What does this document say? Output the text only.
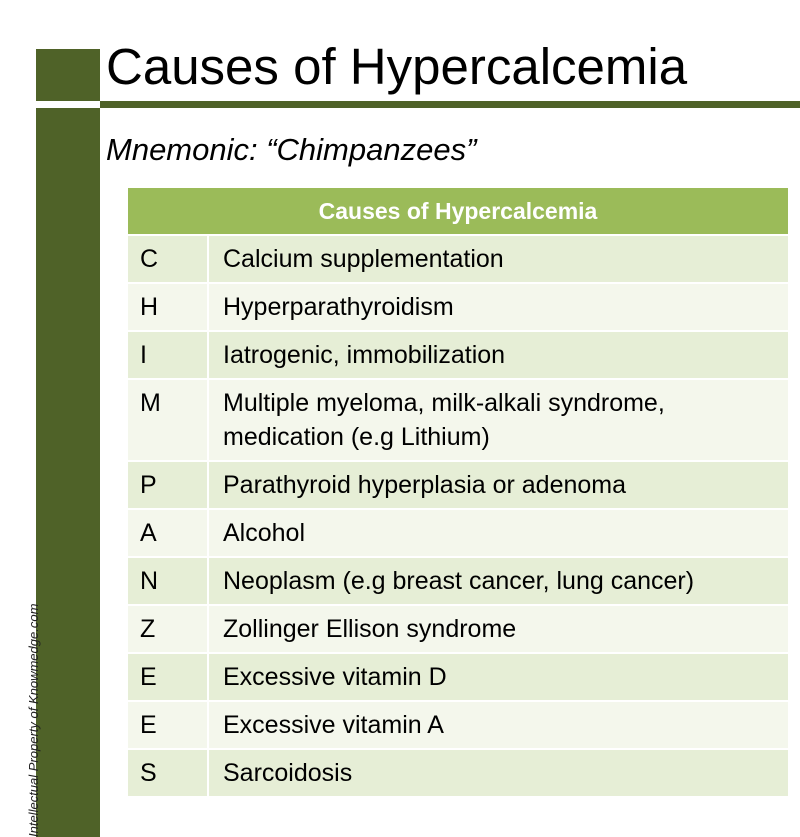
Causes of Hypercalcemia
Mnemonic: “Chimpanzees”
Intellectual Property of Knowmedge.com
Causes of Hypercalcemia	
C	Calcium supplementation
H	Hyperparathyroidism
I	Iatrogenic, immobilization
M	Multiple myeloma, milk-alkali syndrome, medication (e.g Lithium)
P	Parathyroid hyperplasia or adenoma
A	Alcohol
N	Neoplasm (e.g breast cancer, lung cancer)
Z	Zollinger Ellison syndrome
E	Excessive vitamin D
E	Excessive vitamin A
S	Sarcoidosis
